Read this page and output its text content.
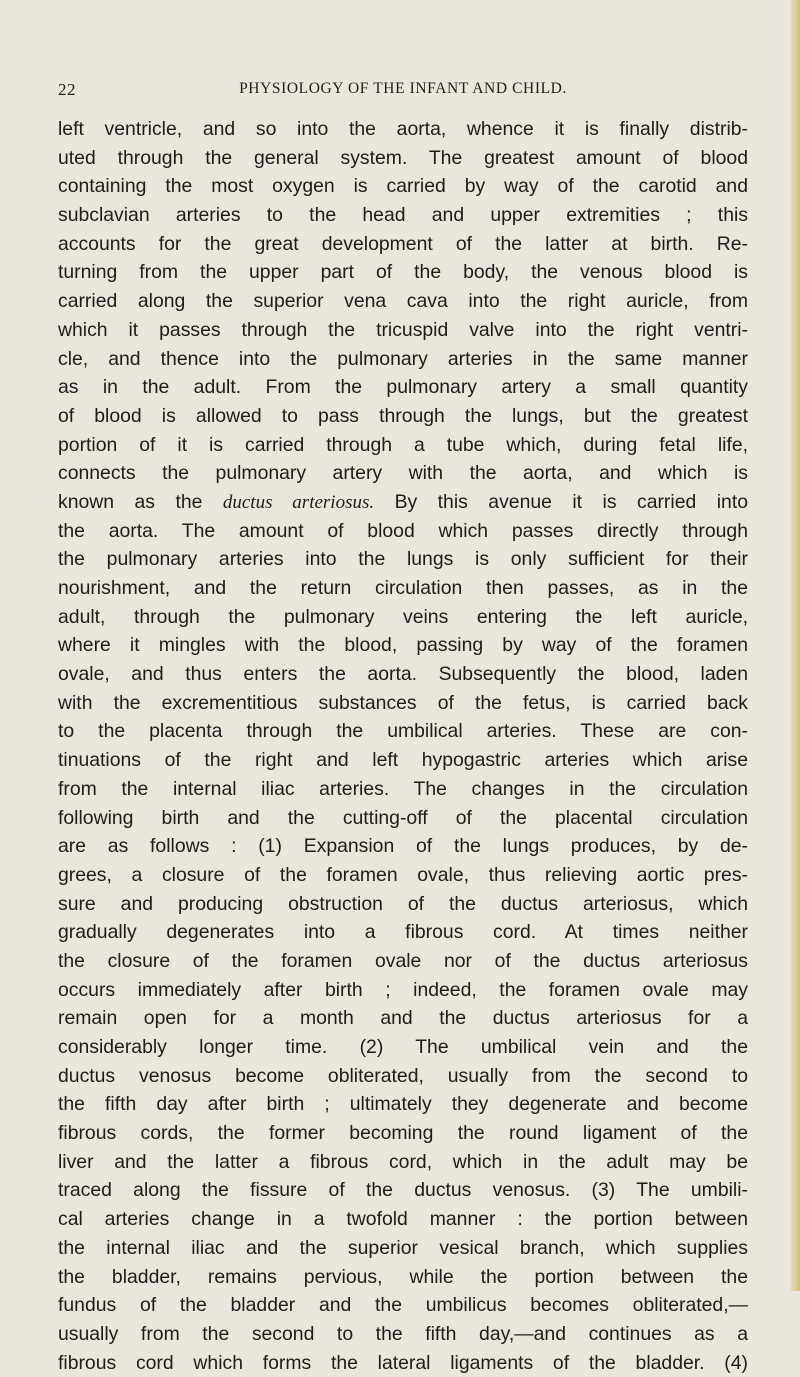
22	PHYSIOLOGY OF THE INFANT AND CHILD.
left ventricle, and so into the aorta, whence it is finally distrib-
uted through the general system. The greatest amount of blood
containing the most oxygen is carried by way of the carotid and
subclavian arteries to the head and upper extremities ; this
accounts for the great development of the latter at birth. Re-
turning from the upper part of the body, the venous blood is
carried along the superior vena cava into the right auricle, from
which it passes through the tricuspid valve into the right ventri-
cle, and thence into the pulmonary arteries in the same manner
as in the adult. From the pulmonary artery a small quantity
of blood is allowed to pass through the lungs, but the greatest
portion of it is carried through a tube which, during fetal life,
connects the pulmonary artery with the aorta, and which is
known as the ductus arteriosus. By this avenue it is carried into
the aorta. The amount of blood which passes directly through
the pulmonary arteries into the lungs is only sufficient for their
nourishment, and the return circulation then passes, as in the
adult, through the pulmonary veins entering the left auricle,
where it mingles with the blood, passing by way of the foramen
ovale, and thus enters the aorta. Subsequently the blood, laden
with the excrementitious substances of the fetus, is carried back
to the placenta through the umbilical arteries. These are con-
tinuations of the right and left hypogastric arteries which arise
from the internal iliac arteries. The changes in the circulation
following birth and the cutting-off of the placental circulation
are as follows : (1) Expansion of the lungs produces, by de-
grees, a closure of the foramen ovale, thus relieving aortic pres-
sure and producing obstruction of the ductus arteriosus, which
gradually degenerates into a fibrous cord. At times neither
the closure of the foramen ovale nor of the ductus arteriosus
occurs immediately after birth ; indeed, the foramen ovale may
remain open for a month and the ductus arteriosus for a
considerably longer time. (2) The umbilical vein and the
ductus venosus become obliterated, usually from the second to
the fifth day after birth ; ultimately they degenerate and become
fibrous cords, the former becoming the round ligament of the
liver and the latter a fibrous cord, which in the adult may be
traced along the fissure of the ductus venosus. (3) The umbili-
cal arteries change in a twofold manner : the portion between
the internal iliac and the superior vesical branch, which supplies
the bladder, remains pervious, while the portion between the
fundus of the bladder and the umbilicus becomes obliterated,—
usually from the second to the fifth day,—and continues as a
fibrous cord which forms the lateral ligaments of the bladder. (4)
